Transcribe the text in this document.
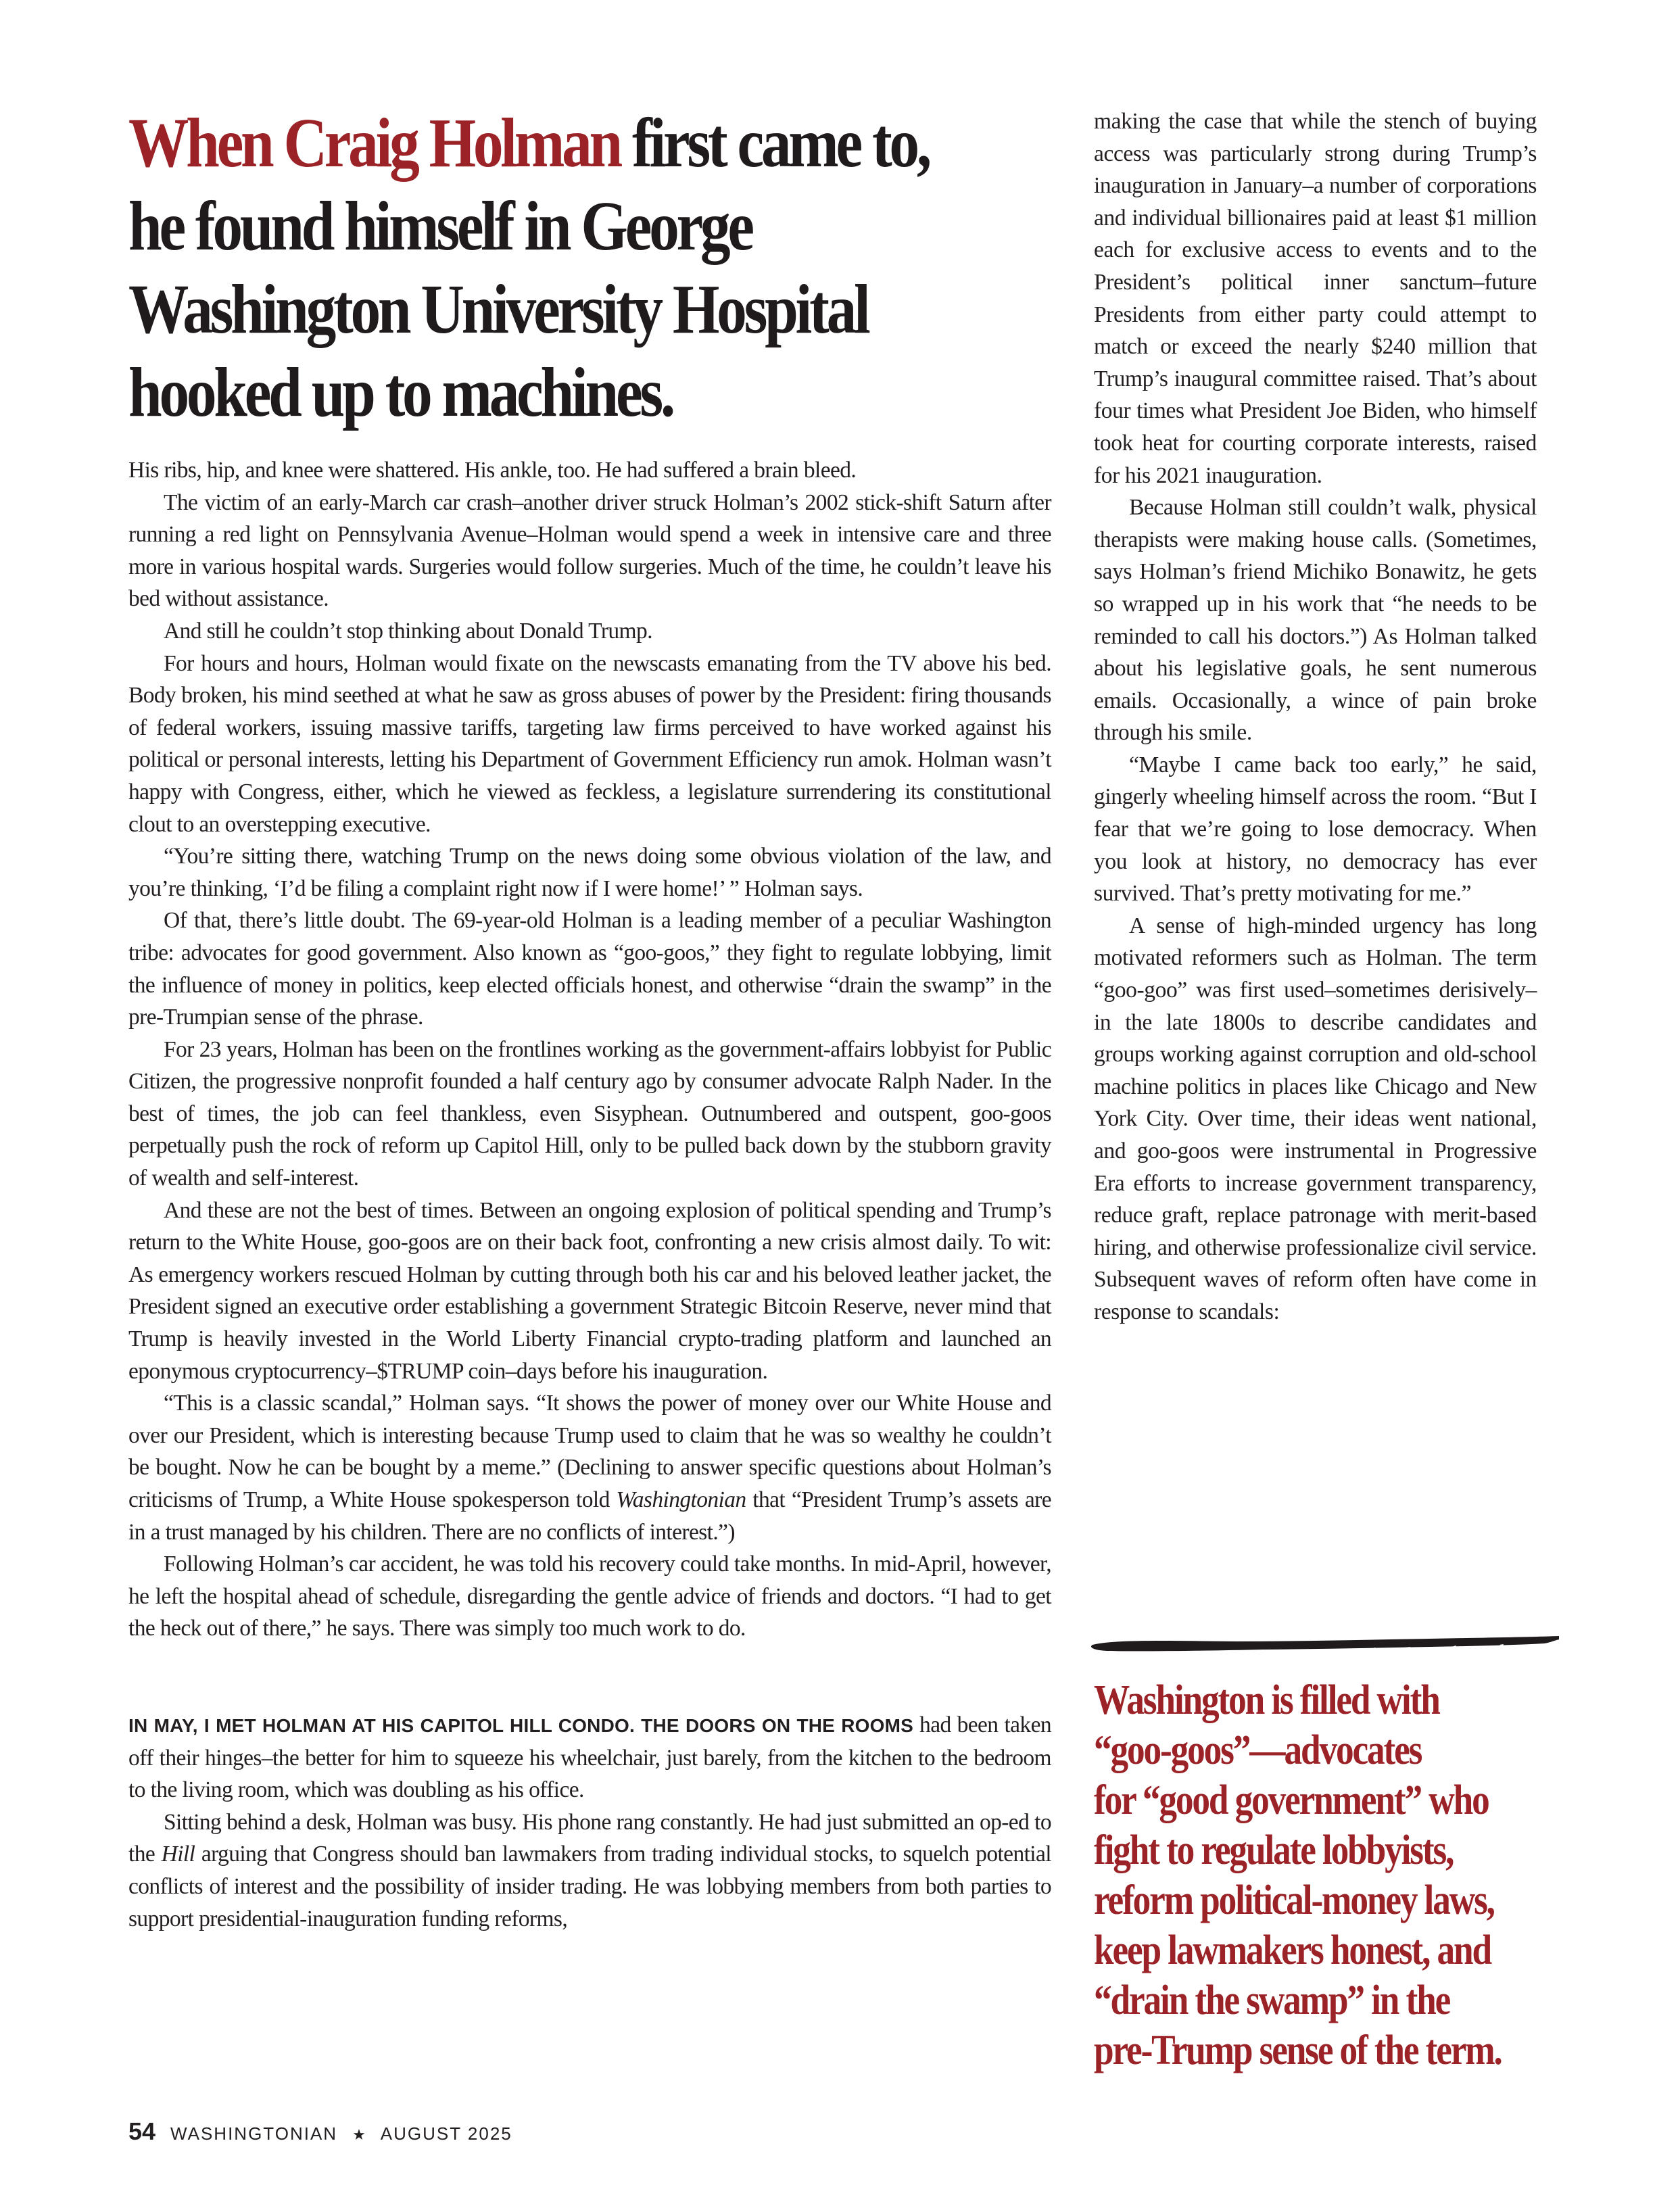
When Craig Holman first came to, he found himself in George Washington University Hospital hooked up to machines.

His ribs, hip, and knee were shattered. His ankle, too. He had suffered a brain bleed.

The victim of an early-March car crash–another driver struck Holman’s 2002 stick-shift Saturn after running a red light on Pennsylvania Avenue–Holman would spend a week in intensive care and three more in various hospital wards. Surgeries would follow surgeries. Much of the time, he couldn’t leave his bed without assistance.

And still he couldn’t stop thinking about Donald Trump.

For hours and hours, Holman would fixate on the newscasts emanating from the TV above his bed. Body broken, his mind seethed at what he saw as gross abuses of power by the President: firing thousands of federal workers, issuing massive tariffs, targeting law firms perceived to have worked against his political or personal interests, letting his Department of Government Efficiency run amok. Holman wasn’t happy with Congress, either, which he viewed as feckless, a legislature surrendering its constitutional clout to an overstepping executive.

“You’re sitting there, watching Trump on the news doing some obvious violation of the law, and you’re thinking, ‘I’d be filing a complaint right now if I were home!’ ” Holman says.

Of that, there’s little doubt. The 69-year-old Holman is a leading member of a peculiar Washington tribe: advocates for good government. Also known as “goo-goos,” they fight to regulate lobbying, limit the influence of money in politics, keep elected officials honest, and otherwise “drain the swamp” in the pre-Trumpian sense of the phrase.

For 23 years, Holman has been on the frontlines working as the government-affairs lobbyist for Public Citizen, the progressive nonprofit founded a half century ago by consumer advocate Ralph Nader. In the best of times, the job can feel thankless, even Sisyphean. Outnumbered and outspent, goo-goos perpetually push the rock of reform up Capitol Hill, only to be pulled back down by the stubborn gravity of wealth and self-interest.

And these are not the best of times. Between an ongoing explosion of political spending and Trump’s return to the White House, goo-goos are on their back foot, confronting a new crisis almost daily. To wit: As emergency workers rescued Holman by cutting through both his car and his beloved leather jacket, the President signed an executive order establishing a government Strategic Bitcoin Reserve, never mind that Trump is heavily invested in the World Liberty Financial crypto-trading platform and launched an eponymous cryptocurrency–$TRUMP coin–days before his inauguration.

“This is a classic scandal,” Holman says. “It shows the power of money over our White House and over our President, which is interesting because Trump used to claim that he was so wealthy he couldn’t be bought. Now he can be bought by a meme.” (Declining to answer specific questions about Holman’s criticisms of Trump, a White House spokesperson told Washingtonian that “President Trump’s assets are in a trust managed by his children. There are no conflicts of interest.”)

Following Holman’s car accident, he was told his recovery could take months. In mid-April, however, he left the hospital ahead of schedule, disregarding the gentle advice of friends and doctors. “I had to get the heck out of there,” he says. There was simply too much work to do.

IN MAY, I MET HOLMAN AT HIS CAPITOL HILL CONDO. THE DOORS ON THE ROOMS had been taken off their hinges–the better for him to squeeze his wheelchair, just barely, from the kitchen to the bedroom to the living room, which was doubling as his office.

Sitting behind a desk, Holman was busy. His phone rang constantly. He had just submitted an op-ed to the Hill arguing that Congress should ban lawmakers from trading individual stocks, to squelch potential conflicts of interest and the possibility of insider trading. He was lobbying members from both parties to support presidential-inauguration funding reforms,

making the case that while the stench of buying access was particularly strong during Trump’s inauguration in January–a number of corporations and individual billionaires paid at least $1 million each for exclusive access to events and to the President’s political inner sanctum–future Presidents from either party could attempt to match or exceed the nearly $240 million that Trump’s inaugural committee raised. That’s about four times what President Joe Biden, who himself took heat for courting corporate interests, raised for his 2021 inauguration.

Because Holman still couldn’t walk, physical therapists were making house calls. (Sometimes, says Holman’s friend Michiko Bonawitz, he gets so wrapped up in his work that “he needs to be reminded to call his doctors.”) As Holman talked about his legislative goals, he sent numerous emails. Occasionally, a wince of pain broke through his smile.

“Maybe I came back too early,” he said, gingerly wheeling himself across the room. “But I fear that we’re going to lose democracy. When you look at history, no democracy has ever survived. That’s pretty motivating for me.”

A sense of high-minded urgency has long motivated reformers such as Holman. The term “goo-goo” was first used–sometimes derisively–in the late 1800s to describe candidates and groups working against corruption and old-school machine politics in places like Chicago and New York City. Over time, their ideas went national, and goo-goos were instrumental in Progressive Era efforts to increase government transparency, reduce graft, replace patronage with merit-based hiring, and otherwise professionalize civil service. Subsequent waves of reform often have come in response to scandals:

Washington is filled with
“goo-goos”—advocates
for “good government” who
fight to regulate lobbyists,
reform political-money laws,
keep lawmakers honest, and
“drain the swamp” in the
pre-Trump sense of the term.
54 WASHINGTONIAN ★ AUGUST 2025
